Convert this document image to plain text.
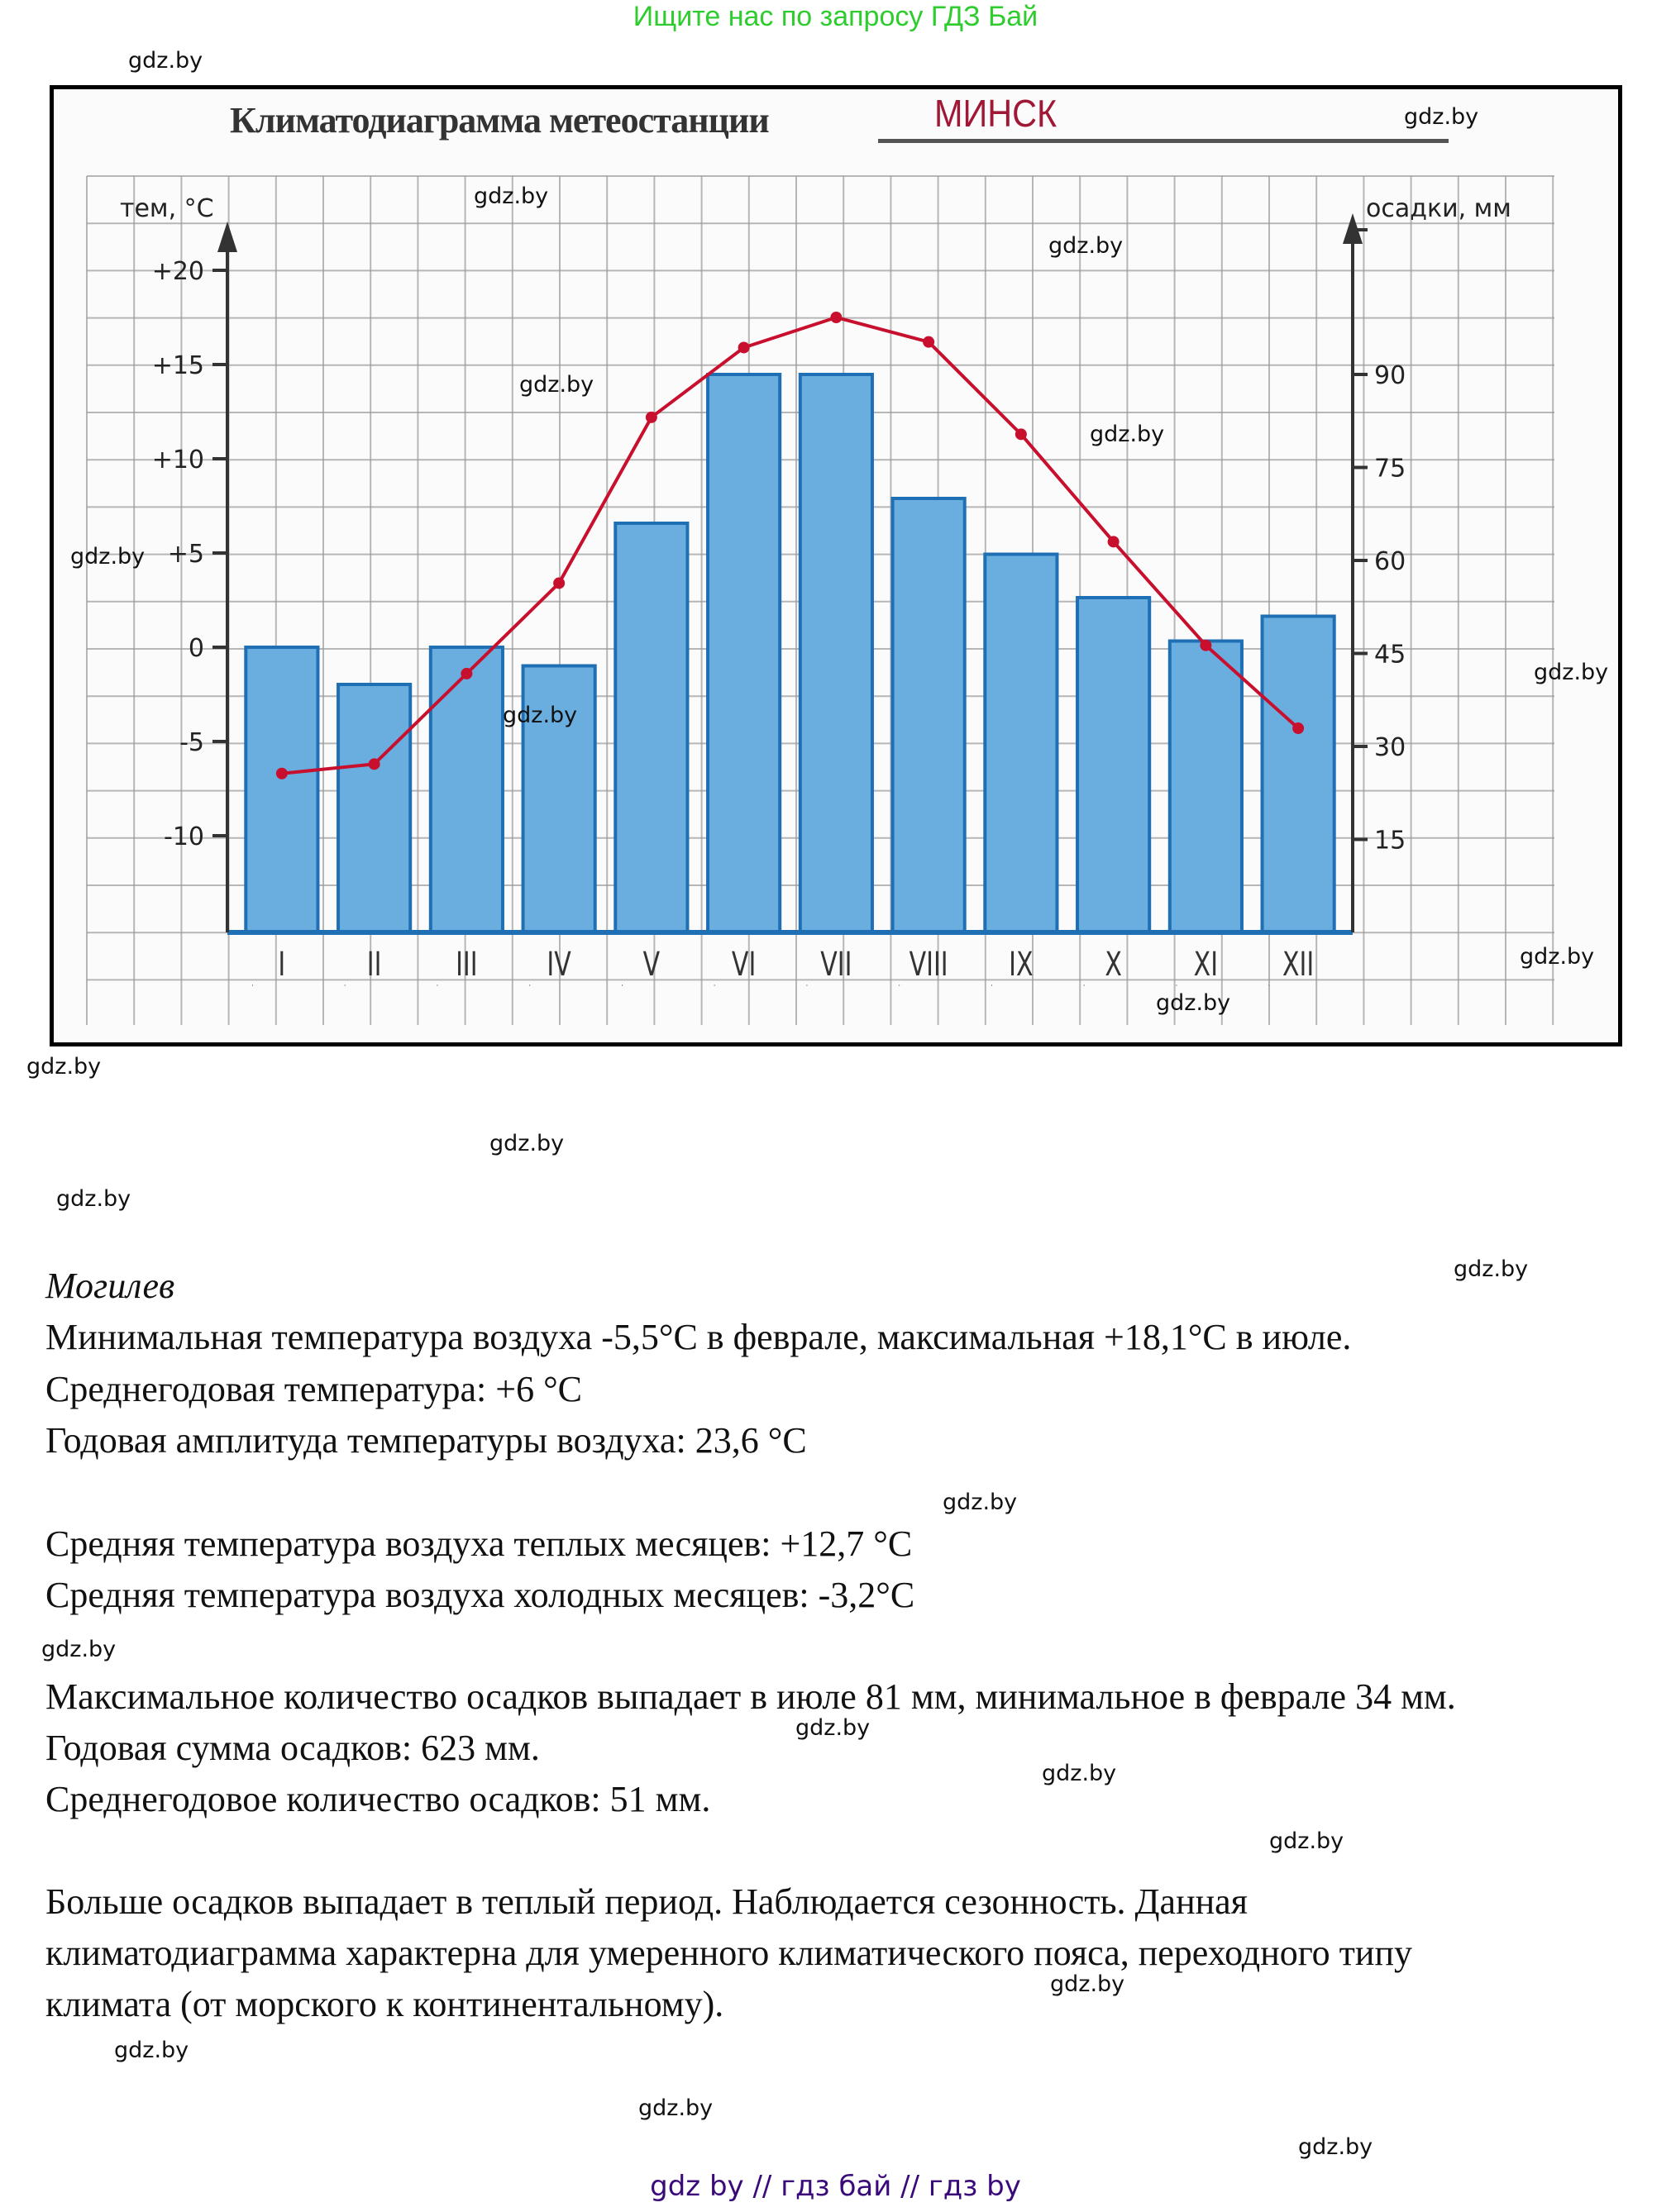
Ищите нас по запросу ГДЗ Бай
+20
+15
+10
+5
0
-5
-10
90
75
60
45
30
15
тем, °C	осадки, мм
I II III IV V VI VII VIII IX X XI XII
Климатодиаграмма метеостанции	МИНСК
gdz.by
gdz.by
gdz.by
gdz.by
gdz.by
gdz.by
gdz.by
gdz.by
gdz.by
gdz.by
gdz.by
gdz.by
gdz.by
gdz.by
gdz.by
gdz.by
gdz.by
gdz.by
gdz.by
gdz.by
gdz.by
gdz.by
gdz.by
gdz.by
Могилев
Минимальная температура воздуха -5,5°С в феврале, максимальная +18,1°С в июле.
Среднегодовая температура: +6 °С
Годовая амплитуда температуры воздуха: 23,6 °С
Средняя температура воздуха теплых месяцев: +12,7 °С
Средняя температура воздуха холодных месяцев: -3,2°С
Максимальное количество осадков выпадает в июле 81 мм, минимальное в феврале 34 мм.
Годовая сумма осадков: 623 мм.
Среднегодовое количество осадков: 51 мм.
Больше осадков выпадает в теплый период. Наблюдается сезонность. Данная
климатодиаграмма характерна для умеренного климатического пояса, переходного типу
климата (от морского к континентальному).
gdz by // гдз бай // гдз by
